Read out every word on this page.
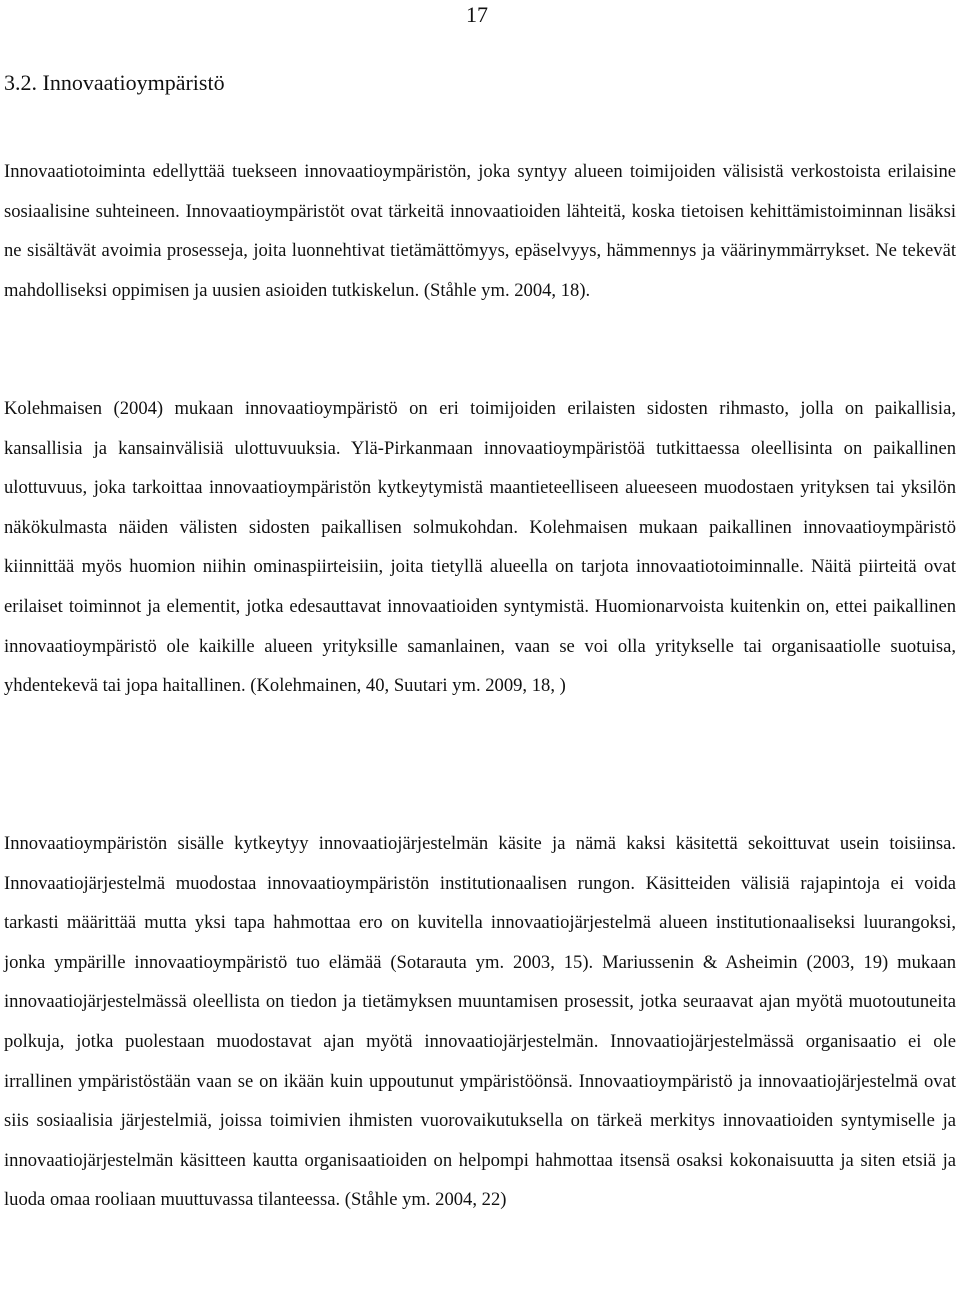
17
3.2. Innovaatioympäristö

Innovaatiotoiminta edellyttää tuekseen innovaatioympäristön, joka syntyy alueen toimijoiden välisistä verkostoista erilaisine sosiaalisine suhteineen. Innovaatioympäristöt ovat tärkeitä innovaatioiden lähteitä, koska tietoisen kehittämistoiminnan lisäksi ne sisältävät avoimia prosesseja, joita luonnehtivat tietämättömyys, epäselvyys, hämmennys ja väärinymmärrykset. Ne tekevät mahdolliseksi oppimisen ja uusien asioiden tutkiskelun. (Ståhle ym. 2004, 18).

Kolehmaisen (2004) mukaan innovaatioympäristö on eri toimijoiden erilaisten sidosten rihmasto, jolla on paikallisia, kansallisia ja kansainvälisiä ulottuvuuksia. Ylä-Pirkanmaan innovaatioympäristöä tutkittaessa oleellisinta on paikallinen ulottuvuus, joka tarkoittaa innovaatioympäristön kytkeytymistä maantieteelliseen alueeseen muodostaen yrityksen tai yksilön näkökulmasta näiden välisten sidosten paikallisen solmukohdan. Kolehmaisen mukaan paikallinen innovaatioympäristö kiinnittää myös huomion niihin ominaspiirteisiin, joita tietyllä alueella on tarjota innovaatiotoiminnalle. Näitä piirteitä ovat erilaiset toiminnot ja elementit, jotka edesauttavat innovaatioiden syntymistä. Huomionarvoista kuitenkin on, ettei paikallinen innovaatioympäristö ole kaikille alueen yrityksille samanlainen, vaan se voi olla yritykselle tai organisaatiolle suotuisa, yhdentekevä tai jopa haitallinen. (Kolehmainen, 40, Suutari ym. 2009, 18, )

Innovaatioympäristön sisälle kytkeytyy innovaatiojärjestelmän käsite ja nämä kaksi käsitettä sekoittuvat usein toisiinsa. Innovaatiojärjestelmä muodostaa innovaatioympäristön institutionaalisen rungon. Käsitteiden välisiä rajapintoja ei voida tarkasti määrittää mutta yksi tapa hahmottaa ero on kuvitella innovaatiojärjestelmä alueen institutionaaliseksi luurangoksi, jonka ympärille innovaatioympäristö tuo elämää (Sotarauta ym. 2003, 15). Mariussenin & Asheimin (2003, 19) mukaan innovaatiojärjestelmässä oleellista on tiedon ja tietämyksen muuntamisen prosessit, jotka seuraavat ajan myötä muotoutuneita polkuja, jotka puolestaan muodostavat ajan myötä innovaatiojärjestelmän. Innovaatiojärjestelmässä organisaatio ei ole irrallinen ympäristöstään vaan se on ikään kuin uppoutunut ympäristöönsä. Innovaatioympäristö ja innovaatiojärjestelmä ovat siis sosiaalisia järjestelmiä, joissa toimivien ihmisten vuorovaikutuksella on tärkeä merkitys innovaatioiden syntymiselle ja innovaatiojärjestelmän käsitteen kautta organisaatioiden on helpompi hahmottaa itsensä osaksi kokonaisuutta ja siten etsiä ja luoda omaa rooliaan muuttuvassa tilanteessa. (Ståhle ym. 2004, 22)
